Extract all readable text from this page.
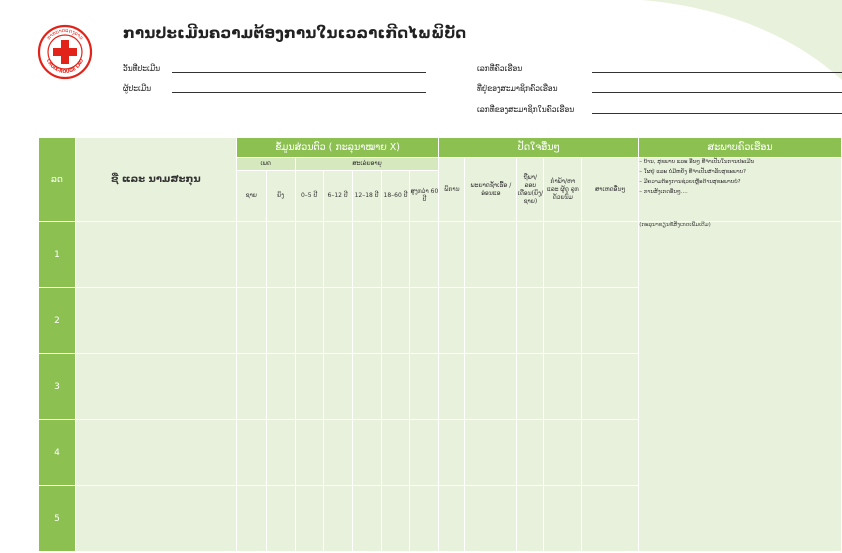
ກາກບາດແດງລາວ
CROIX-ROUGE LAO
ການປະເມີນຄວາມຕ້ອງການໃນເວລາເກີດໄພພິບັດ
ວັນທີ່ປະເມີນ
ຜູ້ປະເມີນ
ເລກທີ່ຄົວເຮືອນ
ທີ່ຢູ່ຂອງສະມາຊິກຄົວເຮືອນ
ເລກທີ່ຂອງສະມາຊິກໃນຄົວເຮືອນ
ລດ	ຊື່ ແລະ ນາມສະກຸນ	ຂໍ້ມູນສ່ວນຕົວ ( ກະລຸນາໝາຍ X)							ປັດໃຈອື່ນໆ					ສະພາບຄົວເຮືອນ
		ເພດ		ສະເລ່ຍອາຍຸ					ພິການ	ພະຍາດຊ້ຳເຮື້ອ /ອ່ອນແອ	ຖືພາ/ ລອບເດືອນ(ຍິງ/ ຊາຍ)	ກຳພ້າ/ຫາ ແລະ ຜູ້ດູ ລູກດ້ວຍນົມ	ສາເຫດອື່ນໆ	– ບ້ານ, ສຸຂພາບ ແລະ ອື່ນໆ ທີ່ຈຳເປັນໃນການປະເມີນ
– ໃຜຢູ່ ແລະ ບໍ່ມີຫຍັງ ທີ່ຈຳເປັນສຳລັບສຸຂະພາບ?
– ມີຄວາມຕ້ອງການຊ່ວຍເຫຼືອດ້ານສຸຂະພາບບໍ່?
– ການສັງເກດອື່ນໆ....

		ຊາຍ	ຍິງ	0–5 ປີ	6–12 ປີ	12–18 ປີ	18–60 ປີ	ສູງກວ່າ 60 ປີ						
1														(ກະລຸນາຂຽນຂໍ້ສັງເກດເພີ່ມເຕີມ)
2														
3														
4														
5														
